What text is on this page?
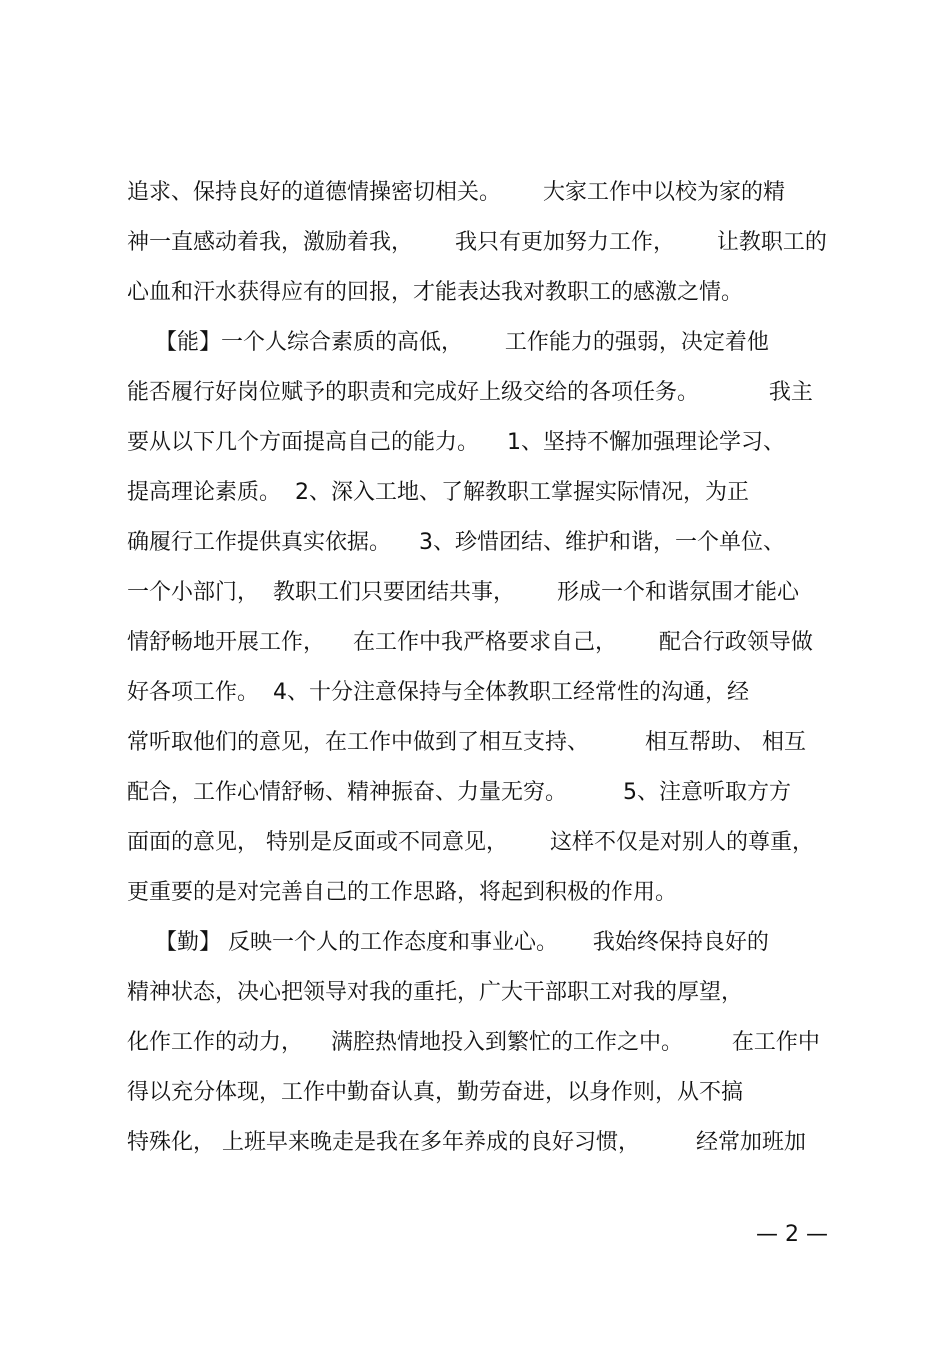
追求、保持良好的道德情操密切相关。      大家工作中以校为家的精
神一直感动着我，激励着我，      我只有更加努力工作，      让教职工的
心血和汗水获得应有的回报，才能表达我对教职工的感激之情。
【能】一个人综合素质的高低，      工作能力的强弱，决定着他
能否履行好岗位赋予的职责和完成好上级交给的各项任务。          我主
要从以下几个方面提高自己的能力。    1、坚持不懈加强理论学习、
提高理论素质。  2、深入工地、了解教职工掌握实际情况，为正
确履行工作提供真实依据。    3、珍惜团结、维护和谐，一个单位、
一个小部门，  教职工们只要团结共事，      形成一个和谐氛围才能心
情舒畅地开展工作，    在工作中我严格要求自己，      配合行政领导做
好各项工作。  4、十分注意保持与全体教职工经常性的沟通，经
常听取他们的意见，在工作中做到了相互支持、        相互帮助、 相互
配合，工作心情舒畅、精神振奋、力量无穷。        5、注意听取方方
面面的意见， 特别是反面或不同意见，      这样不仅是对别人的尊重，
更重要的是对完善自己的工作思路，将起到积极的作用。
【勤】 反映一个人的工作态度和事业心。     我始终保持良好的
精神状态，决心把领导对我的重托，广大干部职工对我的厚望，
化作工作的动力，    满腔热情地投入到繁忙的工作之中。       在工作中
得以充分体现，工作中勤奋认真，勤劳奋进，以身作则，从不搞
特殊化， 上班早来晚走是我在多年养成的良好习惯，        经常加班加
— 2 —
